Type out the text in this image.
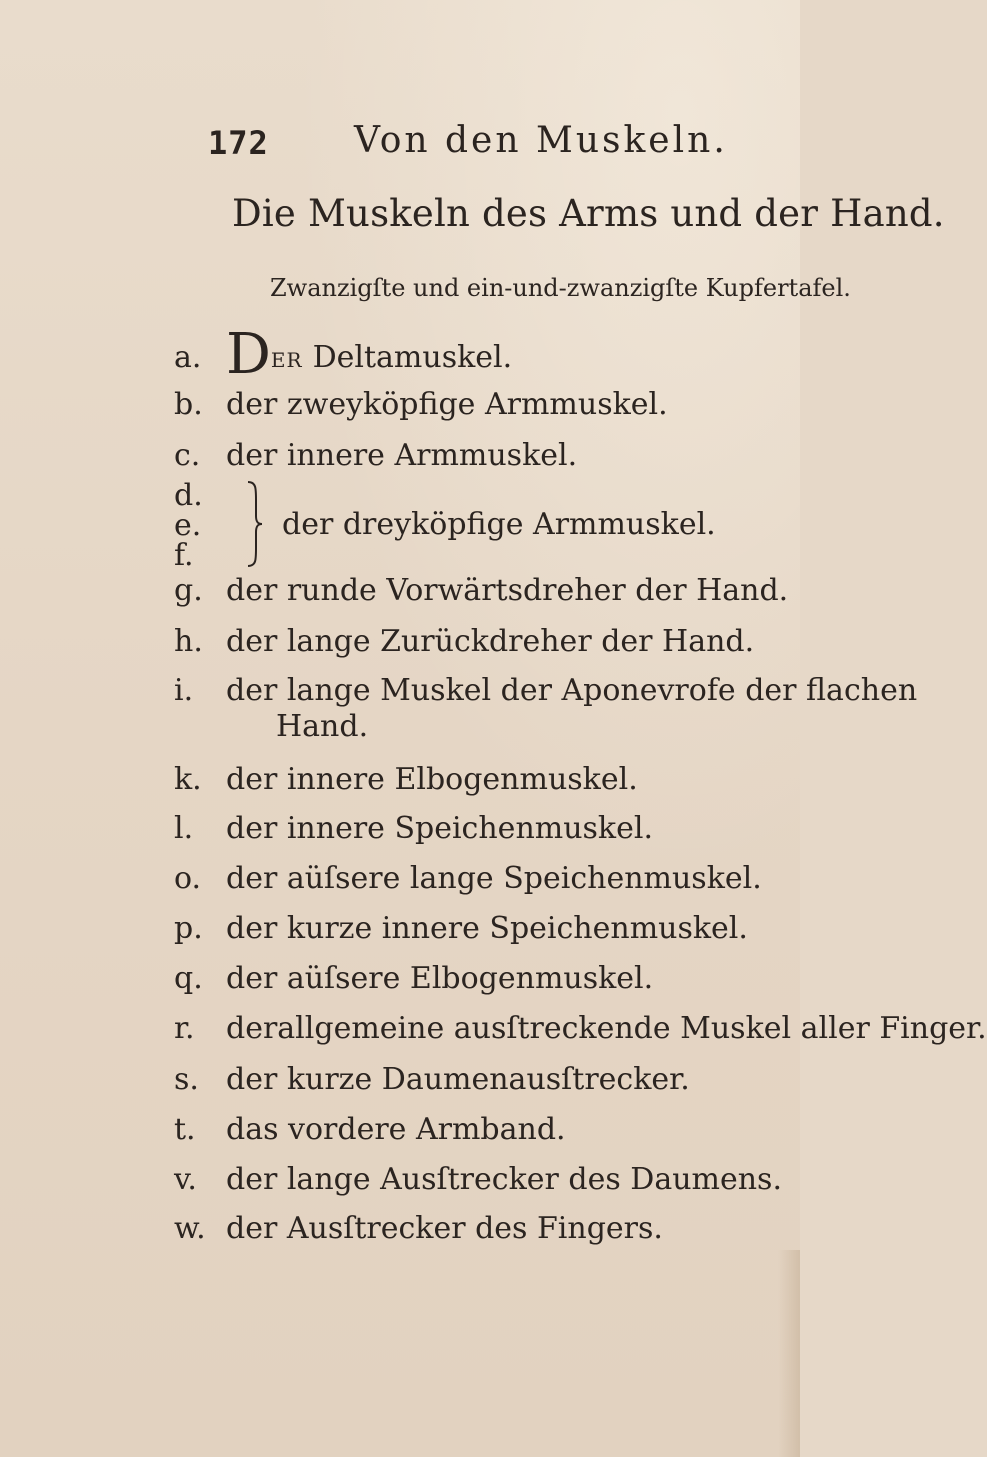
172 Von den Muskeln.
Die Muskeln des Arms und der Hand.
Zwanzigſte und ein-und-zwanzigſte Kupfertafel.
a. DER Deltamuskel.
b. der zweyköpfige Armmuskel.
c. der innere Armmuskel.
d.
e.
f.
der dreyköpfige Armmuskel.
g. der runde Vorwärtsdreher der Hand.
h. der lange Zurückdreher der Hand.
i. der lange Muskel der Aponevrofe der flachen
Hand.
k. der innere Elbogenmuskel.
l. der innere Speichenmuskel.
o. der aüſsere lange Speichenmuskel.
p. der kurze innere Speichenmuskel.
q. der aüſsere Elbogenmuskel.
r. derallgemeine ausſtreckende Muskel aller Finger.
s. der kurze Daumenausſtrecker.
t. das vordere Armband.
v. der lange Ausſtrecker des Daumens.
w. der Ausſtrecker des Fingers.
